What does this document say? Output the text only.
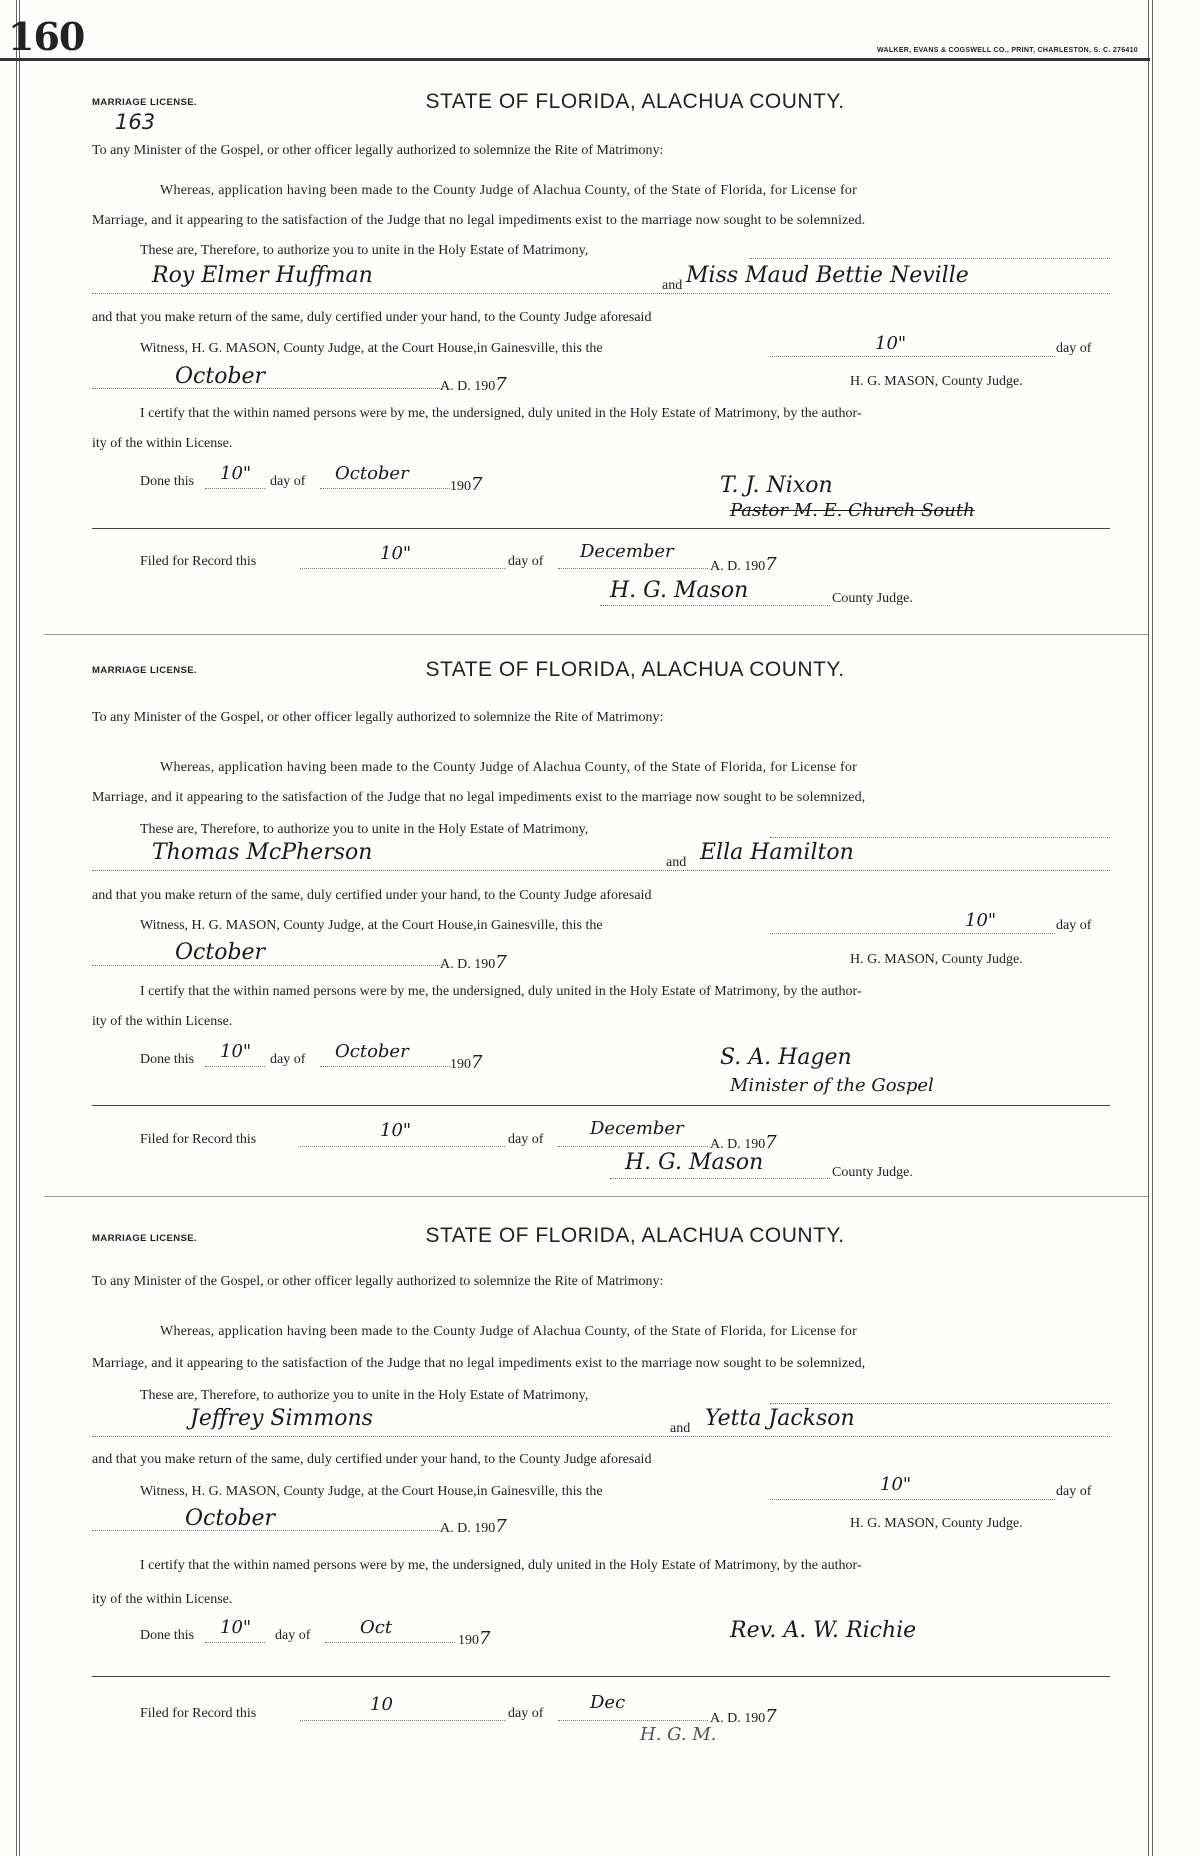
160	WALKER, EVANS & COGSWELL CO., PRINT, CHARLESTON, S. C. 276410
MARRIAGE LICENSE.	STATE OF FLORIDA, ALACHUA COUNTY.
163
To any Minister of the Gospel, or other officer legally authorized to solemnize the Rite of Matrimony:
Whereas, application having been made to the County Judge of Alachua County, of the State of Florida, for License for
Marriage, and it appearing to the satisfaction of the Judge that no legal impediments exist to the marriage now sought to be solemnized.
These are, Therefore, to authorize you to unite in the Holy Estate of Matrimony,
Roy Elmer Huffman	and Miss Maud Bettie Neville
and that you make return of the same, duly certified under your hand, to the County Judge aforesaid
Witness, H. G. MASON, County Judge, at the Court House,in Gainesville, this the	10"	day of
October	A. D. 1907	H. G. MASON, County Judge.
I certify that the within named persons were by me, the undersigned, duly united in the Holy Estate of Matrimony, by the author-
ity of the within License.
Done this 10" day of October
1907	T. J. Nixon
Pastor M. E. Church South
Filed for Record this	10"	day of December
A. D. 1907
H. G. Mason	County Judge.
MARRIAGE LICENSE.	STATE OF FLORIDA, ALACHUA COUNTY.
To any Minister of the Gospel, or other officer legally authorized to solemnize the Rite of Matrimony:
Whereas, application having been made to the County Judge of Alachua County, of the State of Florida, for License for
Marriage, and it appearing to the satisfaction of the Judge that no legal impediments exist to the marriage now sought to be solemnized,
These are, Therefore, to authorize you to unite in the Holy Estate of Matrimony,
Thomas McPherson	and Ella Hamilton
and that you make return of the same, duly certified under your hand, to the County Judge aforesaid
Witness, H. G. MASON, County Judge, at the Court House,in Gainesville, this the	10"	day of
October	A. D. 1907	H. G. MASON, County Judge.
I certify that the within named persons were by me, the undersigned, duly united in the Holy Estate of Matrimony, by the author-
ity of the within License.
Done this 10" day of October
1907	S. A. Hagen
Minister of the Gospel
Filed for Record this	10"	day of
December
A. D. 1907
H. G. Mason	County Judge.
MARRIAGE LICENSE.	STATE OF FLORIDA, ALACHUA COUNTY.
To any Minister of the Gospel, or other officer legally authorized to solemnize the Rite of Matrimony:
Whereas, application having been made to the County Judge of Alachua County, of the State of Florida, for License for
Marriage, and it appearing to the satisfaction of the Judge that no legal impediments exist to the marriage now sought to be solemnized,
These are, Therefore, to authorize you to unite in the Holy Estate of Matrimony,
Jeffrey Simmons	and Yetta Jackson
and that you make return of the same, duly certified under your hand, to the County Judge aforesaid
Witness, H. G. MASON, County Judge, at the Court House,in Gainesville, this the	10"	day of
October	A. D. 1907	H. G. MASON, County Judge.
I certify that the within named persons were by me, the undersigned, duly united in the Holy Estate of Matrimony, by the author-
ity of the within License.
Done this 10" day of	Oct
1907	Rev. A. W. Richie
Filed for Record this	10	day of
Dec
A. D. 1907
H. G. M.
